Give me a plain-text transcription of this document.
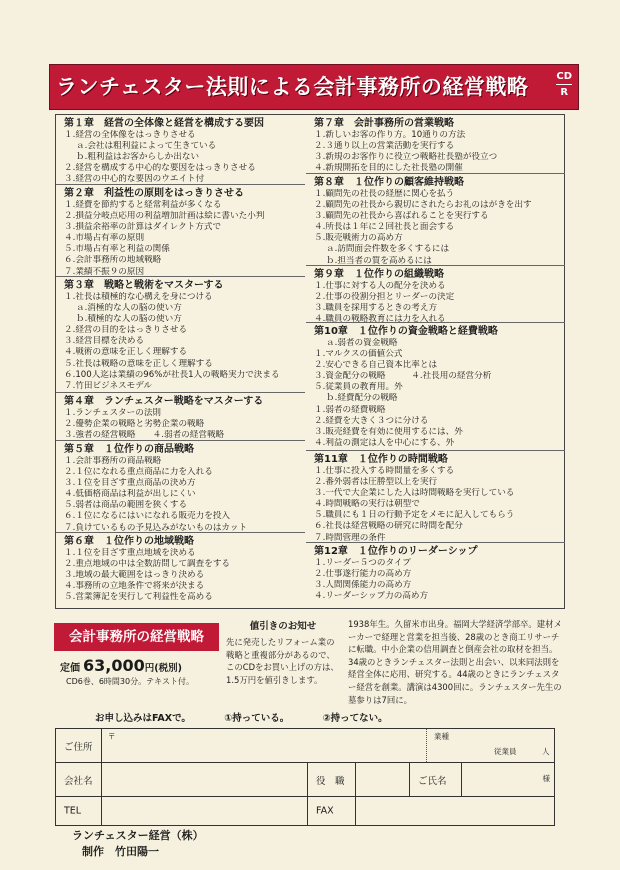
ランチェスター法則による会計事務所の経営戦略	CD
R
第１章　経営の全体像と経営を構成する要因
１.経営の全体像をはっきりさせる
ａ.会社は粗利益によって生きている
ｂ.粗利益はお客からしか出ない
２.経営を構成する中心的な要因をはっきりさせる
３.経営の中心的な要因のウエイト付
第２章　利益性の原則をはっきりさせる
１.経費を節約すると経常利益が多くなる
２.損益分岐点応用の利益増加計画は絵に書いた小判
３.損益余裕率の計算はダイレクト方式で
４.市場占有率の原則
５.市場占有率と利益の関係
６.会計事務所の地域戦略
７.業績不振９の原因
第３章　戦略と戦術をマスターする
１.社長は積極的な心構えを身につける
ａ.消極的な人の脳の使い方
ｂ.積極的な人の脳の使い方
２.経営の目的をはっきりさせる
３.経営目標を決める
４.戦術の意味を正しく理解する
５.社長は戦略の意味を正しく理解する
６.100人迄は業績の96%が社長1人の戦略実力で決まる
７.竹田ビジネスモデル
第４章　ランチェスター戦略をマスターする
１.ランチェスターの法則
２.優勢企業の戦略と劣勢企業の戦略
３.強者の経営戦略　　４.弱者の経営戦略
第５章　１位作りの商品戦略
１.会計事務所の商品戦略
２.１位になれる重点商品に力を入れる
３.１位を目ざす重点商品の決め方
４.低価格商品は利益が出しにくい
５.弱者は商品の範囲を狭くする
６.１位になるにはいになれる販売力を投入
７.負けているもの予見込みがないものはカット
第６章　１位作りの地域戦略
１.１位を目ざす重点地域を決める
２.重点地域の中は全数訪問して調査をする
３.地域の最大範囲をはっきり決める
４.事務所の立地条件で将来が決まる
５.営業簿記を実行して利益性を高める
第７章　会計事務所の営業戦略
１.新しいお客の作り方。10通りの方法
２.３通り以上の営業活動を実行する
３.新規のお客作りに役立つ戦略社長塾が役立つ
４.新規開拓を目的にした社長塾の開催
第８章　１位作りの顧客維持戦略
１.顧問先の社長の経歴に関心を払う
２.顧問先の社長から親切にされたらお礼のはがきを出す
３.顧問先の社長から喜ばれることを実行する
４.所長は１年に２回社長と面会する
５.販売戦術力の高め方
ａ.訪問面会件数を多くするには
ｂ.担当者の質を高めるには
第９章　１位作りの組織戦略
１.仕事に対する人の配分を決める
２.仕事の役割分担とリーダーの決定
３.職員を採用するときの考え方
４.職員の戦略教育には力を入れる
第10章　１位作りの資金戦略と経費戦略
ａ.弱者の資金戦略
１.マルクスの価値公式
２.安心できる自己資本比率とは
３.資金配分の戦略　　　４.社長用の経営分析
５.従業員の教育用。外
ｂ.経費配分の戦略
１.弱者の経費戦略
２.経費を大きく３つに分ける
３.販売経費を有効に使用するには、外
４.利益の測定は人を中心にする、外
第11章　１位作りの時間戦略
１.仕事に投入する時間量を多くする
２.番外弱者は圧勝型以上を実行
３.一代で大企業にした人は時間戦略を実行している
４.時間戦略の実行は朝型で
５.職員にも１日の行動予定をメモに記入してもらう
６.社長は経営戦略の研究に時間を配分
７.時間管理の条件
第12章　１位作りのリーダーシップ
１.リーダー５つのタイプ
２.仕事遂行能力の高め方
３.人間関係能力の高め方
４.リーダーシップ力の高め方
会計事務所の経営戦略
定価 63,000円(税別)
CD6巻、6時間30分。テキスト付。
値引きのお知せ
先に発売したリフォーム業の戦略と重複部分があるので、このCDをお買い上げの方は、1.5万円を値引きします。
1938年生。久留米市出身。福岡大学経済学部卒。建材メーカーで経理と営業を担当後、28歳のとき商工リサーチに転職。中小企業の信用調査と倒産会社の取材を担当。34歳のときランチェスター法則と出会い、以来同法則を経営全体に応用、研究する。44歳のときにランチェスター経営を創業。講演は4300回に。ランチェスター先生の墓参りは7回に。
お申し込みはFAXで。	①持っている。	②持ってない。
ご住所
〒	業種
従業員	人
会社名	役　職	ご氏名	様
TEL	FAX
ランチェスター経営（株）
制作　竹田陽一
